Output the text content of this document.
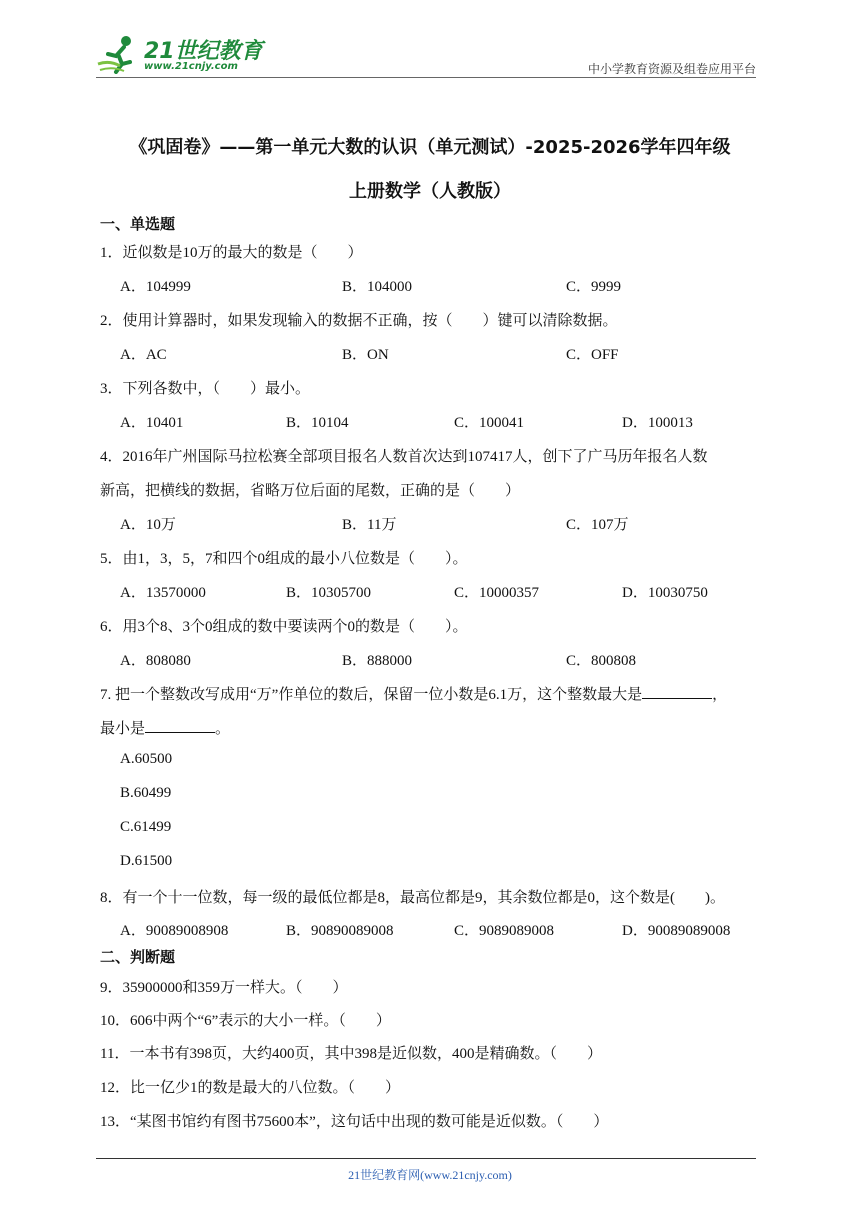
21世纪教育
www.21cnjy.com	中小学教育资源及组卷应用平台
《巩固卷》——第一单元大数的认识（单元测试）-2025-2026学年四年级
上册数学（人教版）
一、单选题
1．近似数是10万的最大的数是（　　）
A．104999	B．104000	C．9999
2．使用计算器时，如果发现输入的数据不正确，按（　　）键可以清除数据。
A．AC	B．ON	C．OFF
3．下列各数中，（　　）最小。
A．10401	B．10104	C．100041	D．100013
4．2016年广州国际马拉松赛全部项目报名人数首次达到107417人，创下了广马历年报名人数
新高，把横线的数据，省略万位后面的尾数，正确的是（　　）
A．10万	B．11万	C．107万
5．由1，3，5，7和四个0组成的最小八位数是（　　）。
A．13570000	B．10305700	C．10000357	D．10030750
6．用3个8、3个0组成的数中要读两个0的数是（　　）。
A．808080	B．888000	C．800808
7. 把一个整数改写成用“万”作单位的数后，保留一位小数是6.1万，这个整数最大是	，
最小是	。
A.60500
B.60499
C.61499
D.61500
8．有一个十一位数，每一级的最低位都是8，最高位都是9，其余数位都是0，这个数是(　　)。
A．90089008908	B．90890089008	C．9089089008	D．90089089008
二、判断题
9．35900000和359万一样大。（　　）
10．606中两个“6”表示的大小一样。（　　）
11．一本书有398页，大约400页，其中398是近似数，400是精确数。（　　）
12．比一亿少1的数是最大的八位数。（　　）
13．“某图书馆约有图书75600本”，这句话中出现的数可能是近似数。（　　）
21世纪教育网(www.21cnjy.com)
